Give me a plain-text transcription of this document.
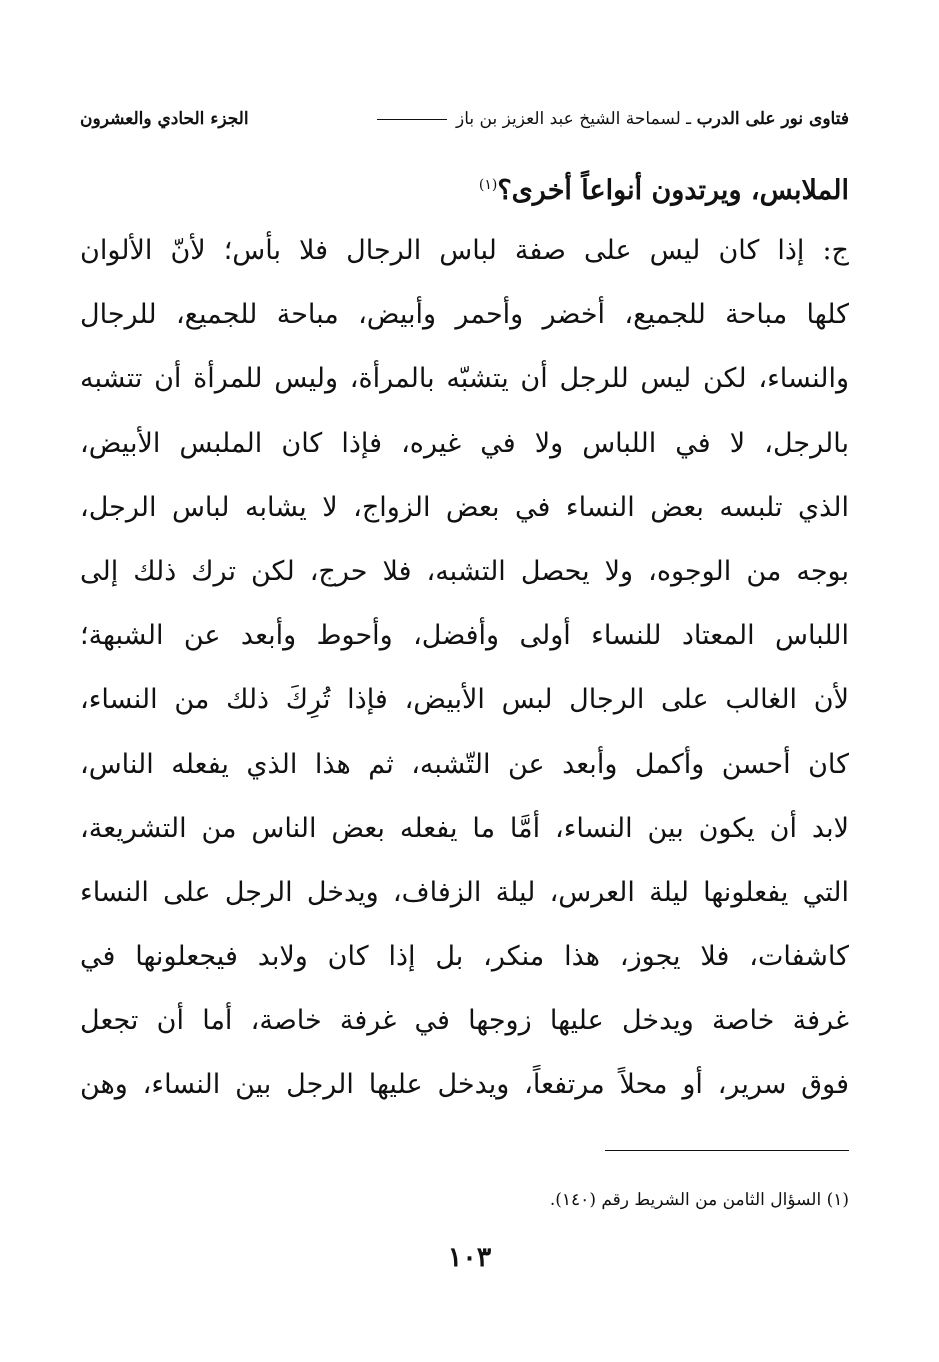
فتاوى نور على الدرب ـ لسماحة الشيخ عبد العزيز بن باز
الجزء الحادي والعشرون
الملابس، ويرتدون أنواعاً أخرى؟$^{(١)}$
ج: إذا كان ليس على صفة لباس الرجال فلا بأس؛ لأنّ الألوان
كلها مباحة للجميع، أخضر وأحمر وأبيض، مباحة للجميع، للرجال
والنساء، لكن ليس للرجل أن يتشبّه بالمرأة، وليس للمرأة أن تتشبه
بالرجل، لا في اللباس ولا في غيره، فإذا كان الملبس الأبيض،
الذي تلبسه بعض النساء في بعض الزواج، لا يشابه لباس الرجل،
بوجه من الوجوه، ولا يحصل التشبه، فلا حرج، لكن ترك ذلك إلى
اللباس المعتاد للنساء أولى وأفضل، وأحوط وأبعد عن الشبهة؛
لأن الغالب على الرجال لبس الأبيض، فإذا تُرِكَ ذلك من النساء،
كان أحسن وأكمل وأبعد عن التّشبه، ثم هذا الذي يفعله الناس،
لابد أن يكون بين النساء، أمَّا ما يفعله بعض الناس من التشريعة،
التي يفعلونها ليلة العرس، ليلة الزفاف، ويدخل الرجل على النساء
كاشفات، فلا يجوز، هذا منكر، بل إذا كان ولابد فيجعلونها في
غرفة خاصة ويدخل عليها زوجها في غرفة خاصة، أما أن تجعل
فوق سرير، أو محلاً مرتفعاً، ويدخل عليها الرجل بين النساء، وهن
(١) السؤال الثامن من الشريط رقم (١٤٠).
١٠٣
